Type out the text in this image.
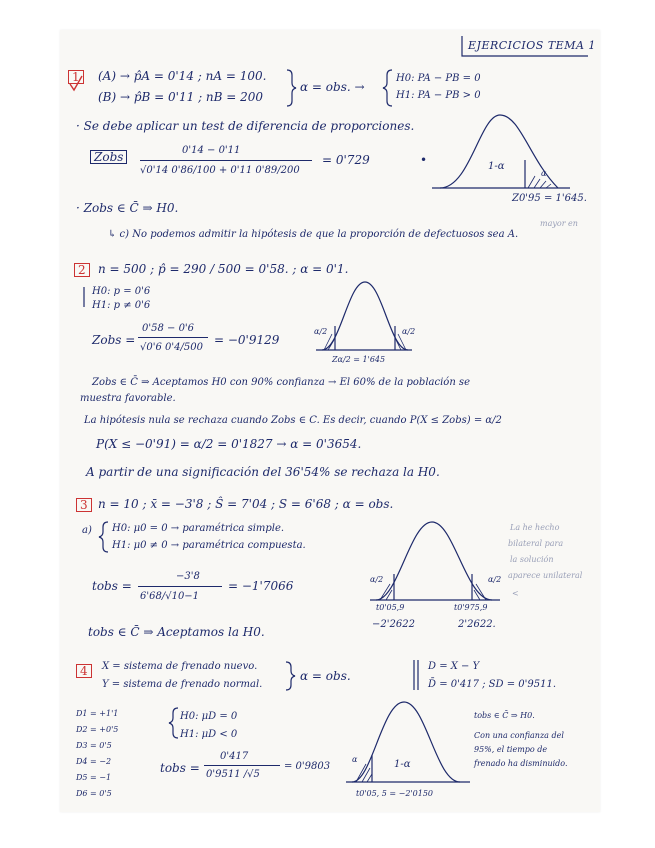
EJERCICIOS TEMA 1
1	(A) → p̂A = 0'14 ; nA = 100.
(B) → p̂B = 0'11 ; nB = 200
α = obs. →
H0: PA − PB = 0
H1: PA − PB > 0
· Se debe aplicar un test de diferencia de proporciones.
Zobs	0'14 − 0'11
√0'14 0'86/100 + 0'11 0'89/200
= 0'729	•	1-α
α
Z0'95 = 1'645.
· Zobs ∈ C̄ ⇒ H0.
mayor en
↳ c) No podemos admitir la hipótesis de que la proporción de defectuosos sea A.
2	n = 500 ; p̂ = 290 / 500 = 0'58. ; α = 0'1.
H0: p = 0'6
H1: p ≠ 0'6
Zobs =
0'58 − 0'6
√0'6 0'4/500
= −0'9129
α/2	α/2
Zα/2 = 1'645
Zobs ∈ C̄ ⇒ Aceptamos H0 con 90% confianza → El 60% de la población se
muestra favorable.
La hipótesis nula se rechaza cuando Zobs ∈ C. Es decir, cuando P(X ≤ Zobs) = α/2
P(X ≤ −0'91) = α/2 = 0'1827 → α = 0'3654.
A partir de una significación del 36'54% se rechaza la H0.
3 n = 10 ; x̄ = −3'8 ; Ŝ = 7'04 ; S = 6'68 ; α = obs.
a) H0: μ0 = 0 → paramétrica simple.
H1: μ0 ≠ 0 → paramétrica compuesta.
tobs =
−3'8
6'68/√10−1
= −1'7066	α/2	α/2
t0'05,9	t0'975,9
−2'2622	2'2622.
tobs ∈ C̄ ⇒ Aceptamos la H0.
La he hecho
bilateral para
la solución
aparece unilateral
<
4	X = sistema de frenado nuevo.
Y = sistema de frenado normal.
α = obs.
D = X − Y
D̄ = 0'417 ; SD = 0'9511.
D1 = +1'1
D2 = +0'5
D3 = 0'5
D4 = −2
D5 = −1
D6 = 0'5
H0: μD = 0
H1: μD < 0
tobs =
0'417
0'9511 /√5
= 0'9803
α	1-α
t0'05, 5 = −2'0150
tobs ∈ C̄ ⇒ H0.
Con una confianza del
95%, el tiempo de
frenado ha disminuido.
